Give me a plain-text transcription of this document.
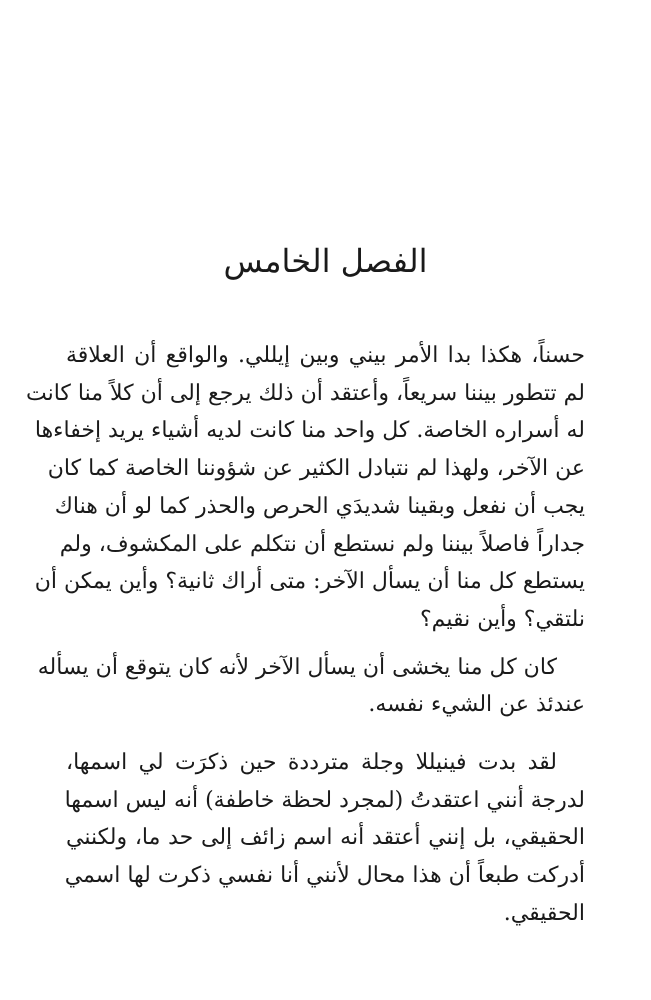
الفصل الخامس

حسناً، هكذا بدا الأمر بيني وبين إيللي. والواقع أن العلاقة
لم تتطور بيننا سريعاً، وأعتقد أن ذلك يرجع إلى أن كلاً منا كانت
له أسراره الخاصة. كل واحد منا كانت لديه أشياء يريد إخفاءها
عن الآخر، ولهذا لم نتبادل الكثير عن شؤوننا الخاصة كما كان
يجب أن نفعل وبقينا شديدَي الحرص والحذر كما لو أن هناك
جداراً فاصلاً بيننا ولم نستطع أن نتكلم على المكشوف، ولم
يستطع كل منا أن يسأل الآخر: متى أراك ثانية؟ وأين يمكن أن
نلتقي؟ وأين نقيم؟

كان كل منا يخشى أن يسأل الآخر لأنه كان يتوقع أن يسأله
عندئذ عن الشيء نفسه.

لقد بدت فينيللا وجلة مترددة حين ذكرَت لي اسمها،
لدرجة أنني اعتقدتُ (لمجرد لحظة خاطفة) أنه ليس اسمها
الحقيقي، بل إنني أعتقد أنه اسم زائف إلى حد ما، ولكنني
أدركت طبعاً أن هذا محال لأنني أنا نفسي ذكرت لها اسمي
الحقيقي.
